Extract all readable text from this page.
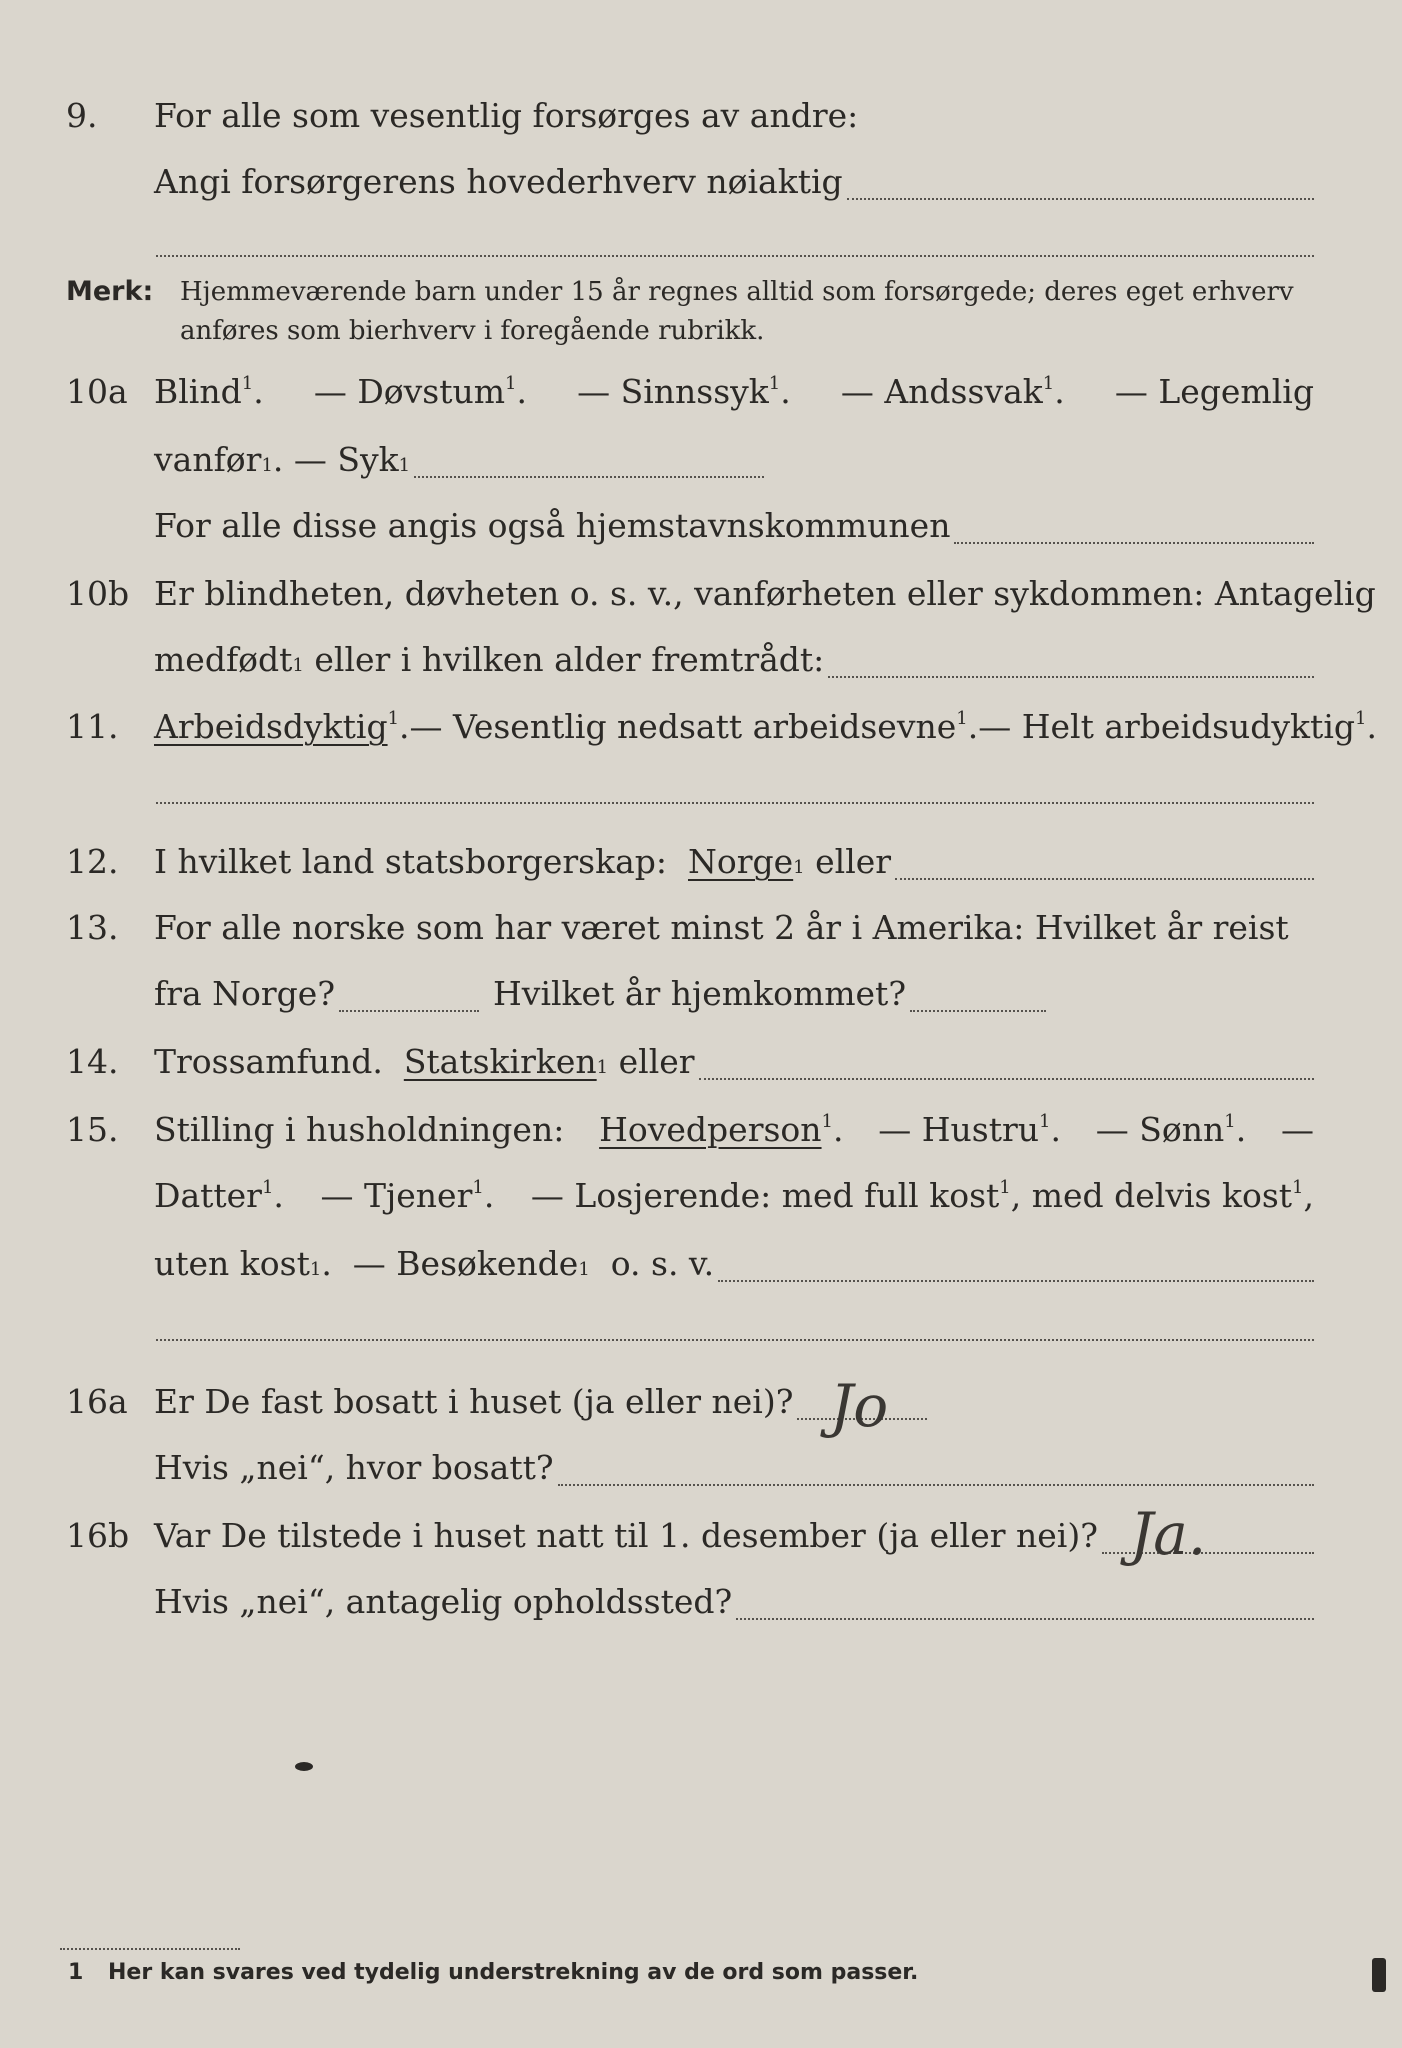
9. For alle som vesentlig forsørges av andre:
Angi forsørgerens hovederhverv nøiaktig
Merk: Hjemmeværende barn under 15 år regnes alltid som forsørgede; deres eget erhverv
anføres som bierhverv i foregående rubrikk.
10a Blind$^1$. — Døvstum$^1$. — Sinnssyk$^1$. — Andssvak$^1$. — Legemlig
vanfør 1 . — Syk 1
For alle disse angis også hjemstavnskommunen
10b Er blindheten, døvheten o. s. v., vanførheten eller sykdommen: Antagelig
medfødt 1
eller i hvilken alder fremtrådt:
11. Arbeidsdyktig$^1$. — Vesentlig nedsatt arbeidsevne$^1$. — Helt arbeidsudyktig$^1$.
12. I hvilket land statsborgerskap:
Norge 1
eller
13. For alle norske som har været minst 2 år i Amerika: Hvilket år reist
fra Norge?	Hvilket år hjemkommet?
14. Trossamfund.
Statskirken 1
eller
15. Stilling i husholdningen: Hovedperson$^1$. — Hustru$^1$. — Sønn$^1$. —
Datter$^1$. — Tjener$^1$. — Losjerende: med full kost$^1$, med delvis kost$^1$,
uten kost 1 . — Besøkende 1
o. s. v.
16a Er De fast bosatt i huset (ja eller nei)? Jo
Hvis „nei“, hvor bosatt?
16b Var De tilstede i huset natt til 1. desember (ja eller nei)? Ja.
Hvis „nei“, antagelig opholdssted?
1 Her kan svares ved tydelig understrekning av de ord som passer.
